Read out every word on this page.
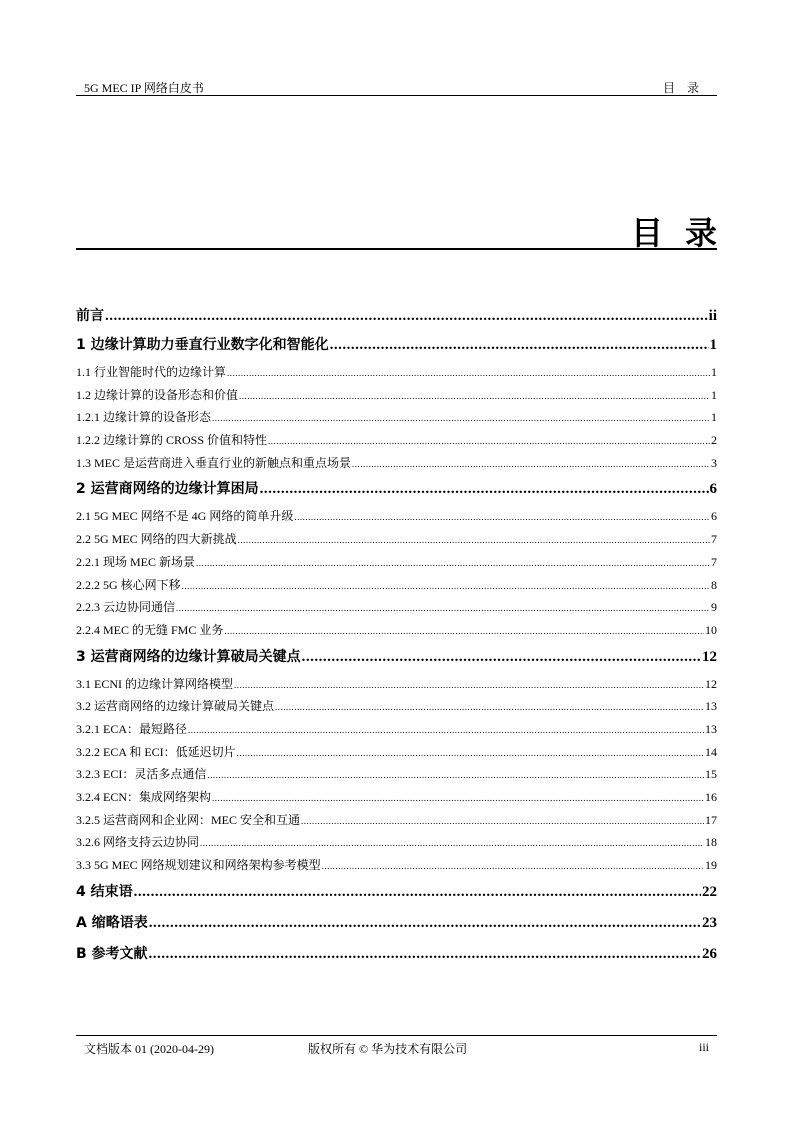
5G MEC IP 网络白皮书	目录
目录
前言 .....	ii
1 边缘计算助力垂直行业数字化和智能化 .....	1
1.1 行业智能时代的边缘计算 .....	1
1.2 边缘计算的设备形态和价值 .....	1
1.2.1 边缘计算的设备形态 .....	1
1.2.2 边缘计算的 CROSS 价值和特性 .....	2
1.3 MEC 是运营商进入垂直行业的新触点和重点场景 .....	3
2 运营商网络的边缘计算困局 .....	6
2.1 5G MEC 网络不是 4G 网络的简单升级 .....	6
2.2 5G MEC 网络的四大新挑战 .....	7
2.2.1 现场 MEC 新场景 .....	7
2.2.2 5G 核心网下移 .....	8
2.2.3 云边协同通信 .....	9
2.2.4 MEC 的无缝 FMC 业务 .....	10
3 运营商网络的边缘计算破局关键点 .....	12
3.1 ECNI 的边缘计算网络模型 .....	12
3.2 运营商网络的边缘计算破局关键点 .....	13
3.2.1 ECA：最短路径 .....	13
3.2.2 ECA 和 ECI：低延迟切片 .....	14
3.2.3 ECI：灵活多点通信 .....	15
3.2.4 ECN：集成网络架构 .....	16
3.2.5 运营商网和企业网：MEC 安全和互通 .....	17
3.2.6 网络支持云边协同 .....	18
3.3 5G MEC 网络规划建议和网络架构参考模型 .....	19
4 结束语 .....	22
A 缩略语表 .....	23
B 参考文献 .....	26
文档版本 01 (2020-04-29)	版权所有 © 华为技术有限公司	iii
